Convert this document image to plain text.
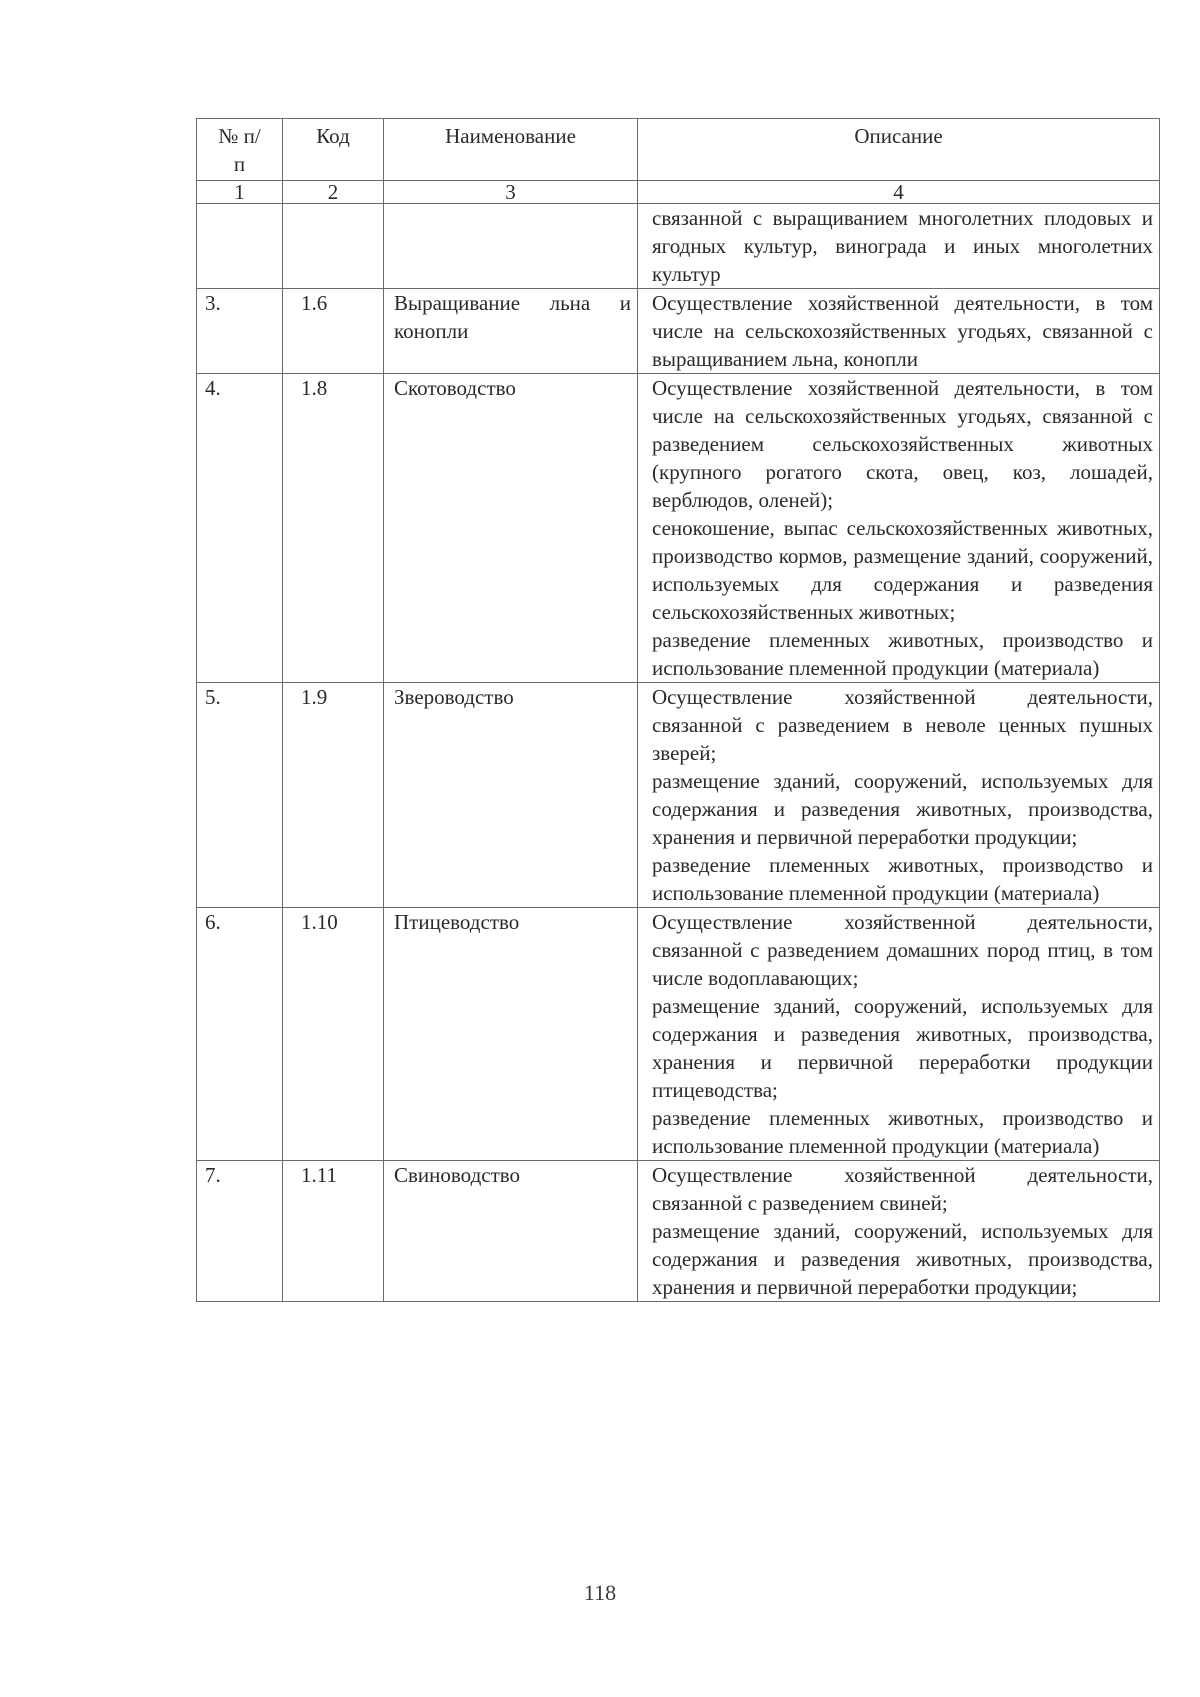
№ п/п	Код	Наименование	Описание
1	2	3	4

			связанной с выращиванием многолетних плодовых и ягодных культур, винограда и иных многолетних культур

3.	1.6	Выращивание льна и конопли	Осуществление хозяйственной деятельности, в том числе на сельскохозяйственных угодьях, связанной с выращиванием льна, конопли

4.	1.8	Скотоводство	Осуществление хозяйственной деятельности, в том числе на сельскохозяйственных угодьях, связанной с разведением сельскохозяйственных животных (крупного рогатого скота, овец, коз, лошадей, верблюдов, оленей);

сенокошение, выпас сельскохозяйственных животных, производство кормов, размещение зданий, сооружений, используемых для содержания и разведения сельскохозяйственных животных;

разведение племенных животных, производство и использование племенной продукции (материала)

5.	1.9	Звероводство	Осуществление хозяйственной деятельности, связанной с разведением в неволе ценных пушных зверей;

размещение зданий, сооружений, используемых для содержания и разведения животных, производства, хранения и первичной переработки продукции;

разведение племенных животных, производство и использование племенной продукции (материала)

6.	1.10	Птицеводство	Осуществление хозяйственной деятельности, связанной с разведением домашних пород птиц, в том числе водоплавающих;

размещение зданий, сооружений, используемых для содержания и разведения животных, производства, хранения и первичной переработки продукции птицеводства;

разведение племенных животных, производство и использование племенной продукции (материала)

7.	1.11	Свиноводство	Осуществление хозяйственной деятельности, связанной с разведением свиней;

размещение зданий, сооружений, используемых для содержания и разведения животных, производства, хранения и первичной переработки продукции;

118
